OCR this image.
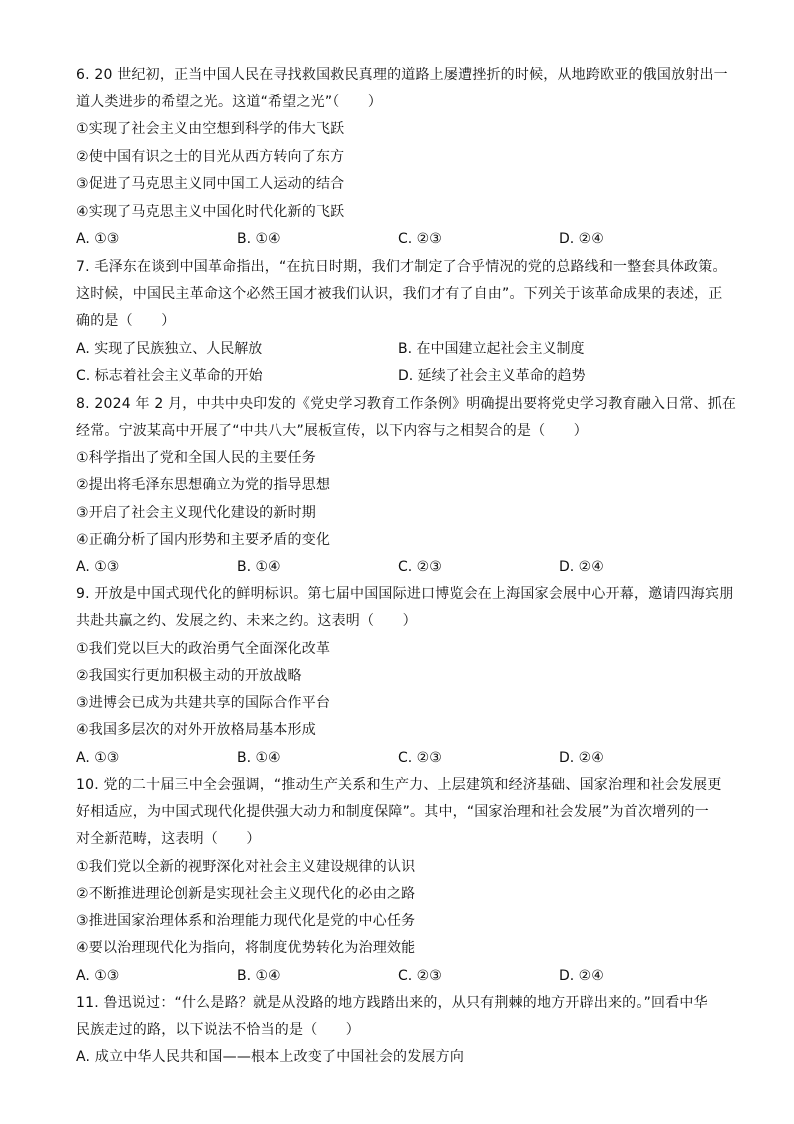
6. 20 世纪初，正当中国人民在寻找救国救民真理的道路上屡遭挫折的时候，从地跨欧亚的俄国放射出一
道人类进步的希望之光。这道“希望之光”（　　）
①实现了社会主义由空想到科学的伟大飞跃
②使中国有识之士的目光从西方转向了东方
③促进了马克思主义同中国工人运动的结合
④实现了马克思主义中国化时代化新的飞跃
A. ①③	B. ①④	C. ②③	D. ②④
7. 毛泽东在谈到中国革命指出，“在抗日时期，我们才制定了合乎情况的党的总路线和一整套具体政策。
这时候，中国民主革命这个必然王国才被我们认识，我们才有了自由”。下列关于该革命成果的表述，正
确的是（　　）
A. 实现了民族独立、人民解放	B. 在中国建立起社会主义制度
C. 标志着社会主义革命的开始	D. 延续了社会主义革命的趋势
8. 2024 年 2 月，中共中央印发的《党史学习教育工作条例》明确提出要将党史学习教育融入日常、抓在
经常。宁波某高中开展了“中共八大”展板宣传，以下内容与之相契合的是（　　）
①科学指出了党和全国人民的主要任务
②提出将毛泽东思想确立为党的指导思想
③开启了社会主义现代化建设的新时期
④正确分析了国内形势和主要矛盾的变化
A. ①③	B. ①④	C. ②③	D. ②④
9. 开放是中国式现代化的鲜明标识。第七届中国国际进口博览会在上海国家会展中心开幕，邀请四海宾朋
共赴共赢之约、发展之约、未来之约。这表明（　　）
①我们党以巨大的政治勇气全面深化改革
②我国实行更加积极主动的开放战略
③进博会已成为共建共享的国际合作平台
④我国多层次的对外开放格局基本形成
A. ①③	B. ①④	C. ②③	D. ②④
10. 党的二十届三中全会强调，“推动生产关系和生产力、上层建筑和经济基础、国家治理和社会发展更
好相适应，为中国式现代化提供强大动力和制度保障”。其中，“国家治理和社会发展”为首次增列的一
对全新范畴，这表明（　　）
①我们党以全新的视野深化对社会主义建设规律的认识
②不断推进理论创新是实现社会主义现代化的必由之路
③推进国家治理体系和治理能力现代化是党的中心任务
④要以治理现代化为指向，将制度优势转化为治理效能
A. ①③	B. ①④	C. ②③	D. ②④
11. 鲁迅说过：“什么是路？就是从没路的地方践踏出来的，从只有荆棘的地方开辟出来的。”回看中华
民族走过的路，以下说法不恰当的是（　　）
A. 成立中华人民共和国——根本上改变了中国社会的发展方向
